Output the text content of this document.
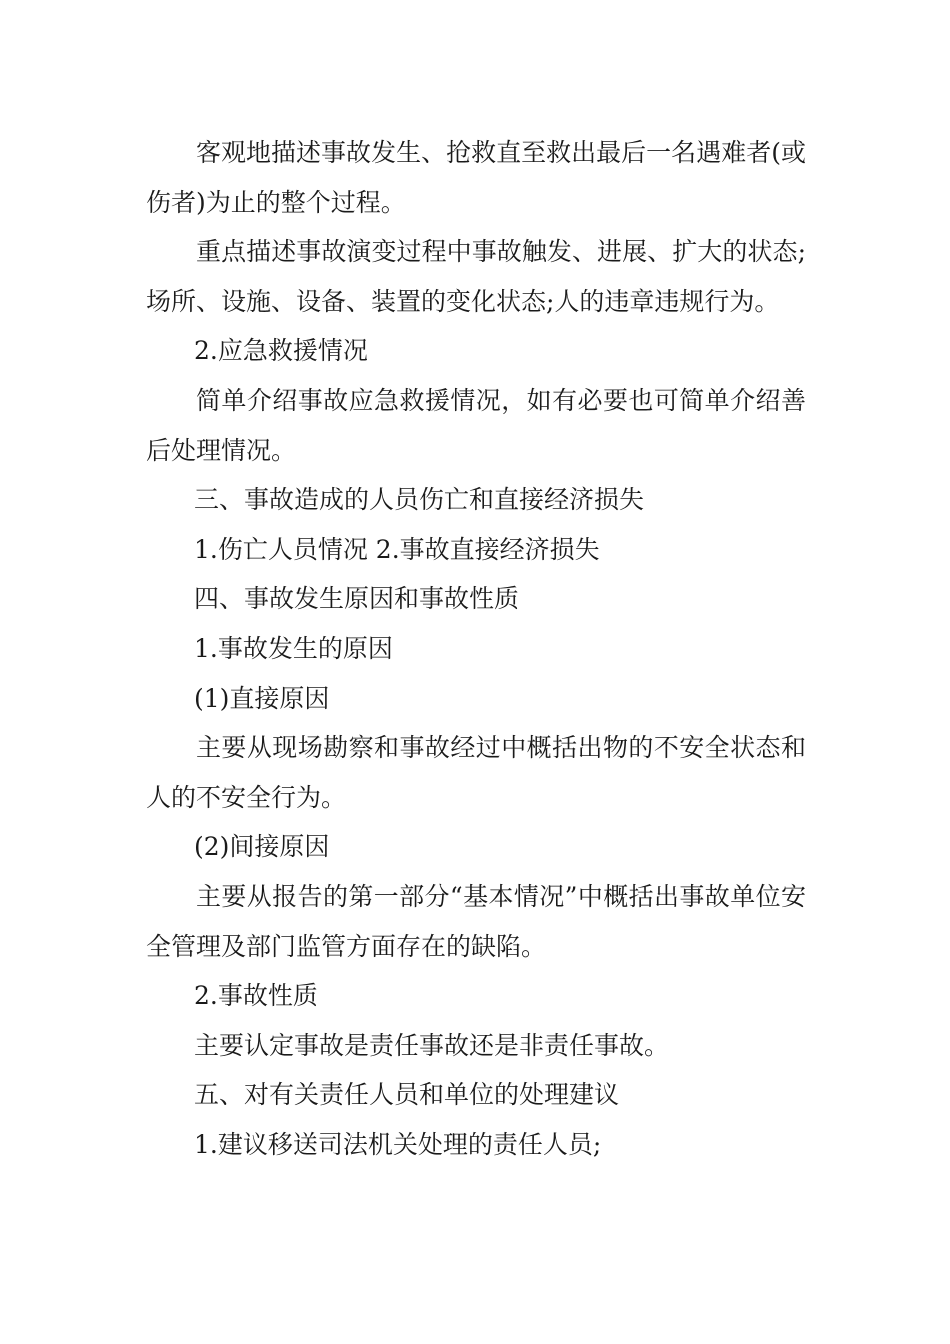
客观地描述事故发生、抢救直至救出最后一名遇难者(或伤者)为止的整个过程。

重点描述事故演变过程中事故触发、进展、扩大的状态;场所、设施、设备、装置的变化状态;人的违章违规行为。

2.应急救援情况

简单介绍事故应急救援情况，如有必要也可简单介绍善后处理情况。

三、事故造成的人员伤亡和直接经济损失

1.伤亡人员情况 2.事故直接经济损失

四、事故发生原因和事故性质

1.事故发生的原因

(1)直接原因

主要从现场勘察和事故经过中概括出物的不安全状态和人的不安全行为。

(2)间接原因

主要从报告的第一部分“基本情况”中概括出事故单位安全管理及部门监管方面存在的缺陷。

2.事故性质

主要认定事故是责任事故还是非责任事故。

五、对有关责任人员和单位的处理建议

1.建议移送司法机关处理的责任人员;
